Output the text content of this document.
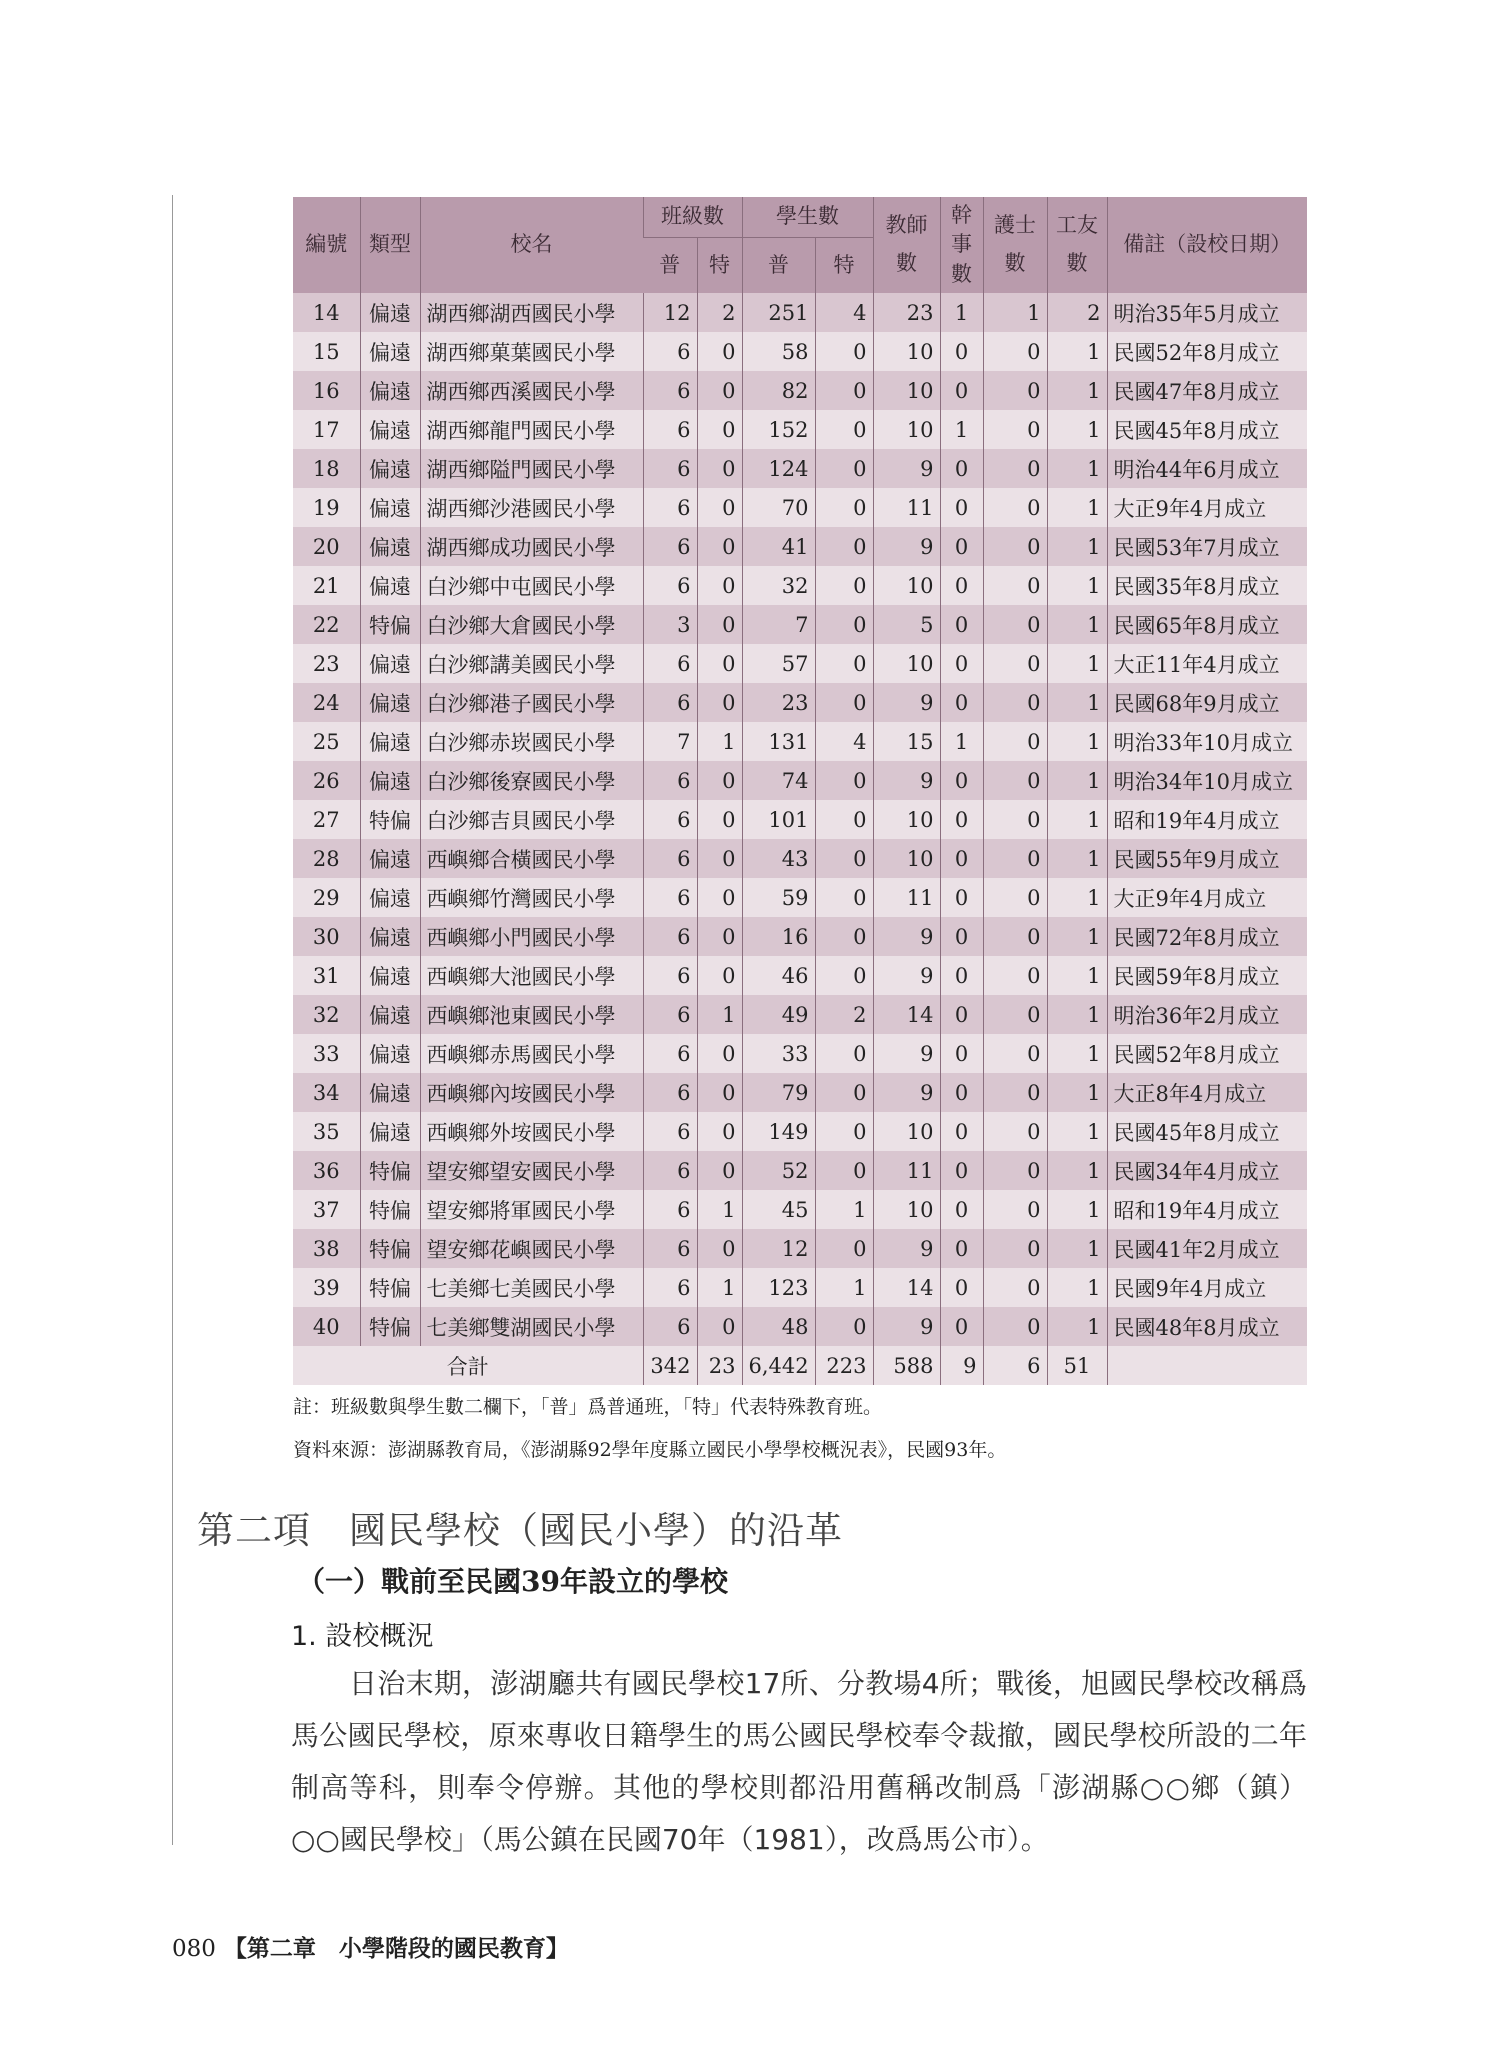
編號	類型	校名	班級數		學生數		教師數	幹事數	護士數	工友數	備註（設校日期）
			普	特	普	特					
14	偏遠	湖西鄉湖西國民小學	12	2	251	4	23	1	1	2	明治35年5月成立
15	偏遠	湖西鄉菓葉國民小學	6	0	58	0	10	0	0	1	民國52年8月成立
16	偏遠	湖西鄉西溪國民小學	6	0	82	0	10	0	0	1	民國47年8月成立
17	偏遠	湖西鄉龍門國民小學	6	0	152	0	10	1	0	1	民國45年8月成立
18	偏遠	湖西鄉隘門國民小學	6	0	124	0	9	0	0	1	明治44年6月成立
19	偏遠	湖西鄉沙港國民小學	6	0	70	0	11	0	0	1	大正9年4月成立
20	偏遠	湖西鄉成功國民小學	6	0	41	0	9	0	0	1	民國53年7月成立
21	偏遠	白沙鄉中屯國民小學	6	0	32	0	10	0	0	1	民國35年8月成立
22	特偏	白沙鄉大倉國民小學	3	0	7	0	5	0	0	1	民國65年8月成立
23	偏遠	白沙鄉講美國民小學	6	0	57	0	10	0	0	1	大正11年4月成立
24	偏遠	白沙鄉港子國民小學	6	0	23	0	9	0	0	1	民國68年9月成立
25	偏遠	白沙鄉赤崁國民小學	7	1	131	4	15	1	0	1	明治33年10月成立
26	偏遠	白沙鄉後寮國民小學	6	0	74	0	9	0	0	1	明治34年10月成立
27	特偏	白沙鄉吉貝國民小學	6	0	101	0	10	0	0	1	昭和19年4月成立
28	偏遠	西嶼鄉合橫國民小學	6	0	43	0	10	0	0	1	民國55年9月成立
29	偏遠	西嶼鄉竹灣國民小學	6	0	59	0	11	0	0	1	大正9年4月成立
30	偏遠	西嶼鄉小門國民小學	6	0	16	0	9	0	0	1	民國72年8月成立
31	偏遠	西嶼鄉大池國民小學	6	0	46	0	9	0	0	1	民國59年8月成立
32	偏遠	西嶼鄉池東國民小學	6	1	49	2	14	0	0	1	明治36年2月成立
33	偏遠	西嶼鄉赤馬國民小學	6	0	33	0	9	0	0	1	民國52年8月成立
34	偏遠	西嶼鄉內垵國民小學	6	0	79	0	9	0	0	1	大正8年4月成立
35	偏遠	西嶼鄉外垵國民小學	6	0	149	0	10	0	0	1	民國45年8月成立
36	特偏	望安鄉望安國民小學	6	0	52	0	11	0	0	1	民國34年4月成立
37	特偏	望安鄉將軍國民小學	6	1	45	1	10	0	0	1	昭和19年4月成立
38	特偏	望安鄉花嶼國民小學	6	0	12	0	9	0	0	1	民國41年2月成立
39	特偏	七美鄉七美國民小學	6	1	123	1	14	0	0	1	民國9年4月成立
40	特偏	七美鄉雙湖國民小學	6	0	48	0	9	0	0	1	民國48年8月成立
合計			342	23	6,442	223	588	9	6	51	
註：班級數與學生數二欄下，「普」爲普通班，「特」代表特殊教育班。
資料來源：澎湖縣教育局，《澎湖縣92學年度縣立國民小學學校概況表》，民國93年。
第二項　國民學校（國民小學）的沿革
（一）戰前至民國39年設立的學校
1. 設校概況
日治末期，澎湖廳共有國民學校17所、分教場4所；戰後，旭國民學校改稱爲馬公國民學校，原來專收日籍學生的馬公國民學校奉令裁撤，國民學校所設的二年制高等科，則奉令停辦。其他的學校則都沿用舊稱改制爲「澎湖縣○○鄉（鎮）○○國民學校」（馬公鎮在民國70年（1981），改爲馬公市）。
080 【第二章　小學階段的國民教育】
